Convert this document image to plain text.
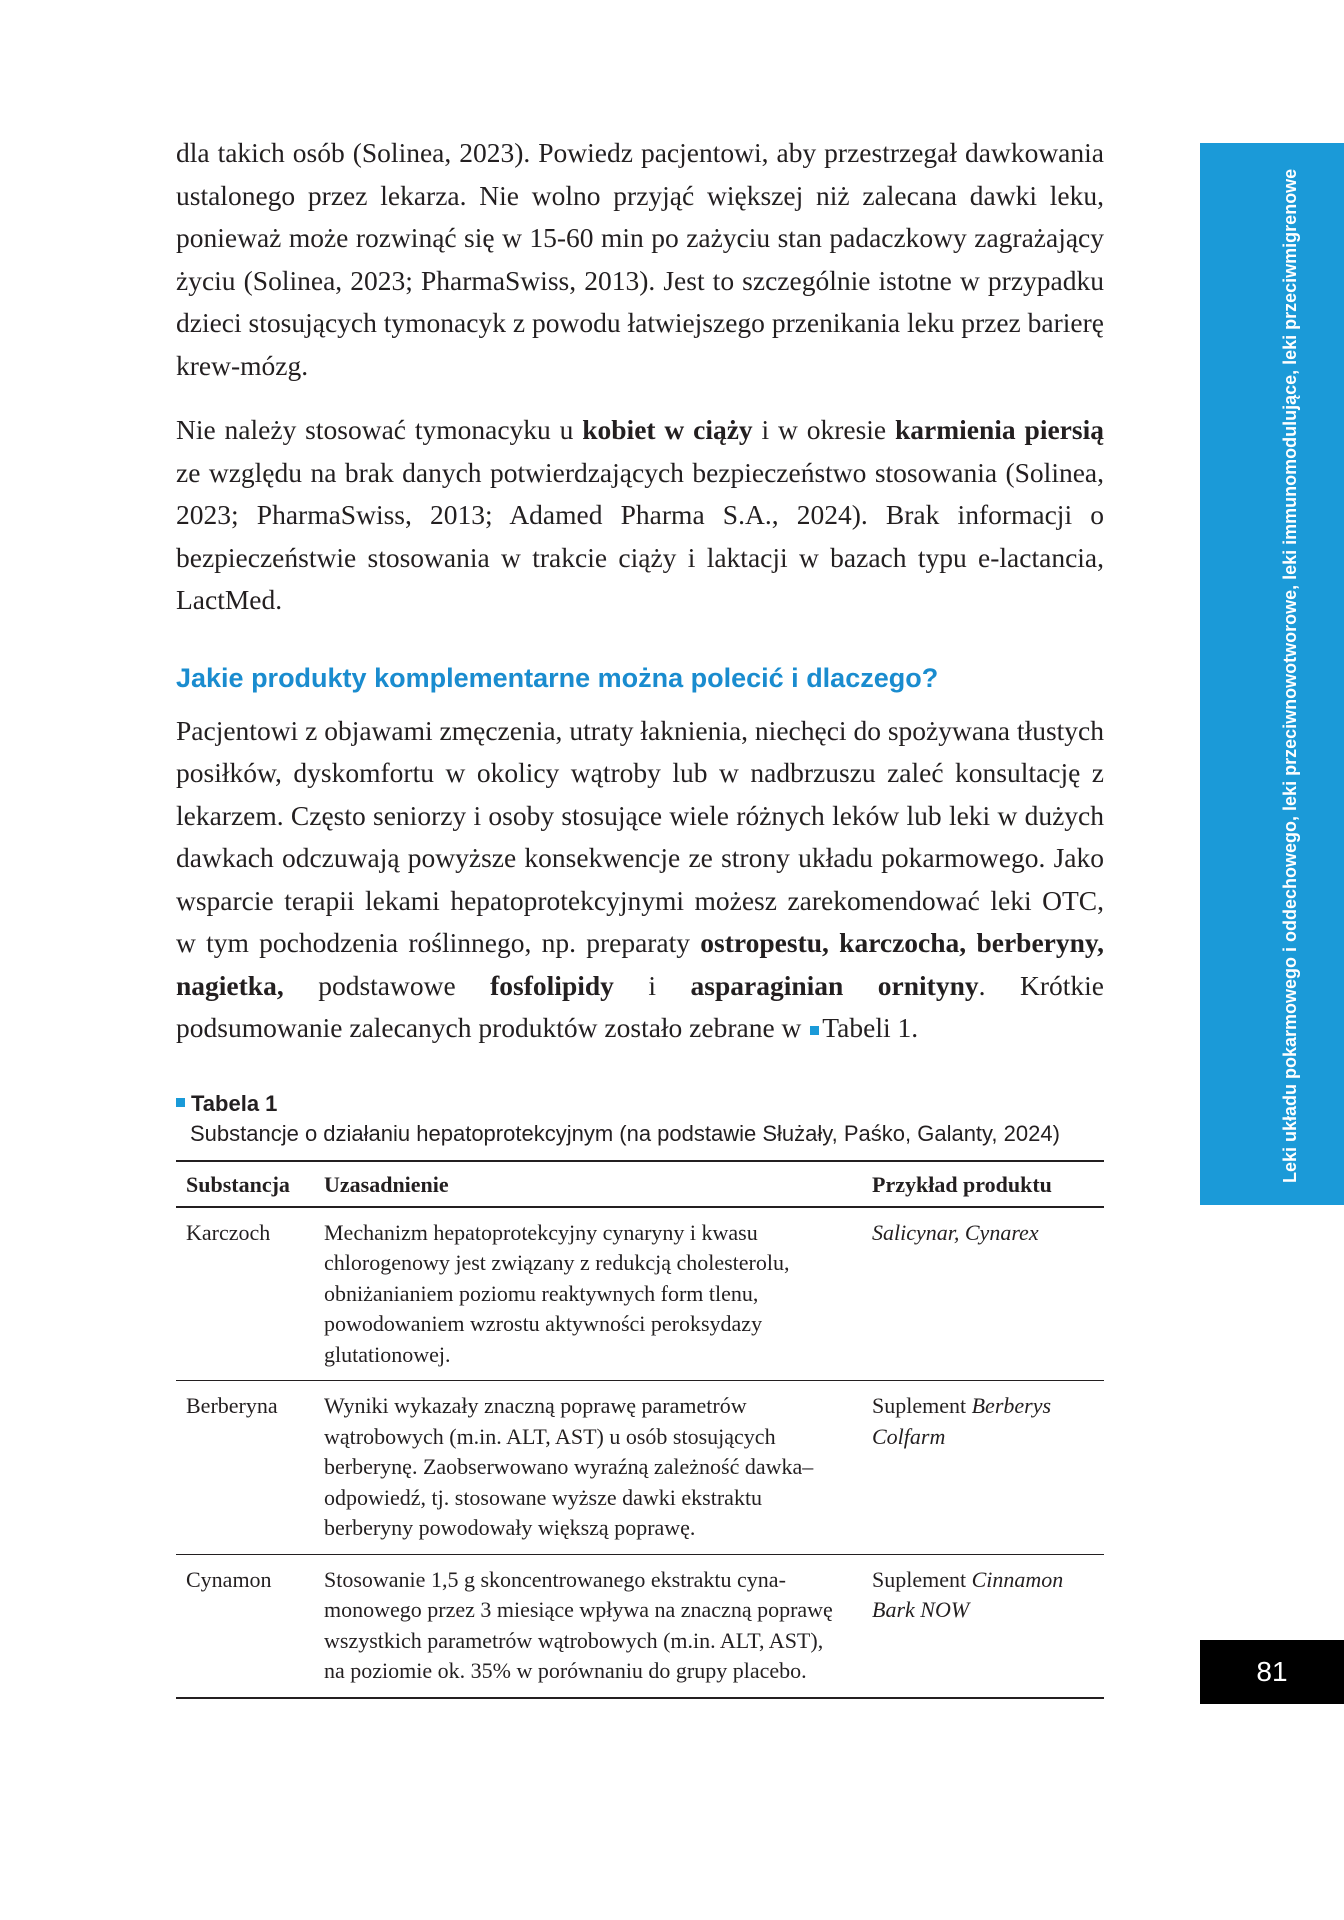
dla takich osób (Solinea, 2023). Powiedz pacjentowi, aby przestrzegał dawkowania ustalonego przez lekarza. Nie wolno przyjąć większej niż zalecana dawki leku, ponieważ może rozwinąć się w 15-60 min po zażyciu stan padaczkowy zagrażający życiu (Solinea, 2023; PharmaSwiss, 2013). Jest to szczególnie istotne w przypadku dzieci stosujących tymonacyk z powodu łatwiejszego przenikania leku przez barierę krew-mózg.

Nie należy stosować tymonacyku u kobiet w ciąży i w okresie karmienia piersią ze względu na brak danych potwierdzających bezpieczeństwo stosowania (Solinea, 2023; PharmaSwiss, 2013; Adamed Pharma S.A., 2024). Brak informacji o bezpieczeństwie stosowania w trakcie ciąży i laktacji w bazach typu e-lactancia, LactMed.

Jakie produkty komplementarne można polecić i dlaczego?

Pacjentowi z objawami zmęczenia, utraty łaknienia, niechęci do spożywana tłustych posiłków, dyskomfortu w okolicy wątroby lub w nadbrzuszu zaleć konsultację z lekarzem. Często seniorzy i osoby stosujące wiele różnych leków lub leki w dużych dawkach odczuwają powyższe konsekwencje ze strony układu pokarmowego. Jako wsparcie terapii lekami hepatoprotekcyjnymi możesz zarekomendować leki OTC, w tym pochodzenia roślinnego, np. preparaty ostropestu, karczocha, berberyny, nagietka, podstawowe fosfolipidy i asparaginian ornityny. Krótkie podsumowanie zalecanych produktów zostało zebrane w Tabeli 1.

Tabela 1
Substancje o działaniu hepatoprotekcyjnym (na podstawie Służały, Paśko, Galanty, 2024)
Substancja	Uzasadnienie	Przykład produktu
Karczoch	Mechanizm hepatoprotekcyjny cynaryny i kwasu chlorogenowy jest związany z redukcją cholesterolu, obniżanianiem poziomu reaktywnych form tlenu, powodowaniem wzrostu aktywności peroksydazy glutationowej.	Salicynar, Cynarex
Berberyna	Wyniki wykazały znaczną poprawę parametrów wątrobowych (m.in. ALT, AST) u osób stosujących berberynę. Zaobserwowano wyraźną zależność dawka–odpowiedź, tj. stosowane wyższe dawki ekstraktu berberyny powodowały większą poprawę.	Suplement Berberys Colfarm
Cynamon	Stosowanie 1,5 g skoncentrowanego ekstraktu cynamonowego przez 3 miesiące wpływa na znaczną poprawę wszystkich parametrów wątrobowych (m.in. ALT, AST), na poziomie ok. 35% w porównaniu do grupy placebo.	Suplement Cinnamon Bark NOW
Leki układu pokarmowego i oddechowego, leki przeciwnowotworowe, leki immunomodulujące, leki przeciwmigrenowe
81
